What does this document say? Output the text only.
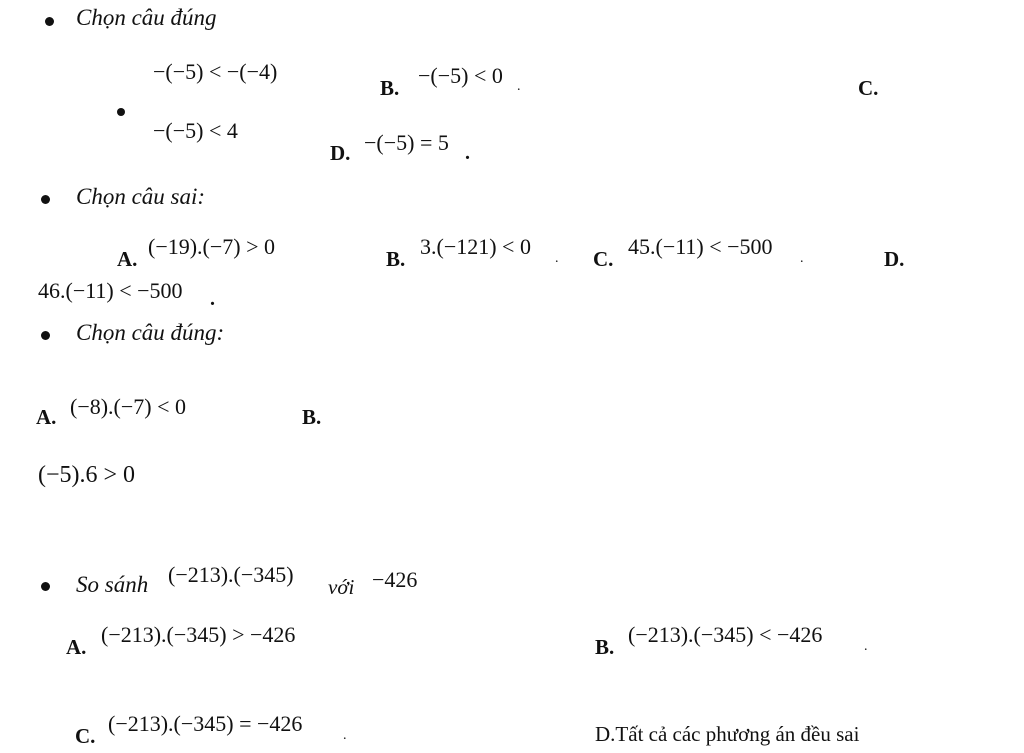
Chọn câu đúng
−(−5) < −(−4)
B. −(−5) < 0 .	C.
−(−5) < 4
D. −(−5) = 5 .
Chọn câu sai:
A. (−19).(−7) > 0	B. 3.(−121) < 0 . C. 45.(−11) < −500 .	D.
46.(−11) < −500 .
Chọn câu đúng:
A. (−8).(−7) < 0	B.
(−5).6 > 0
So sánh (−213).(−345) với −426
A. (−213).(−345) > −426	B. (−213).(−345) < −426	.
C. (−213).(−345) = −426	.	D.Tất cả các phương án đều sai
